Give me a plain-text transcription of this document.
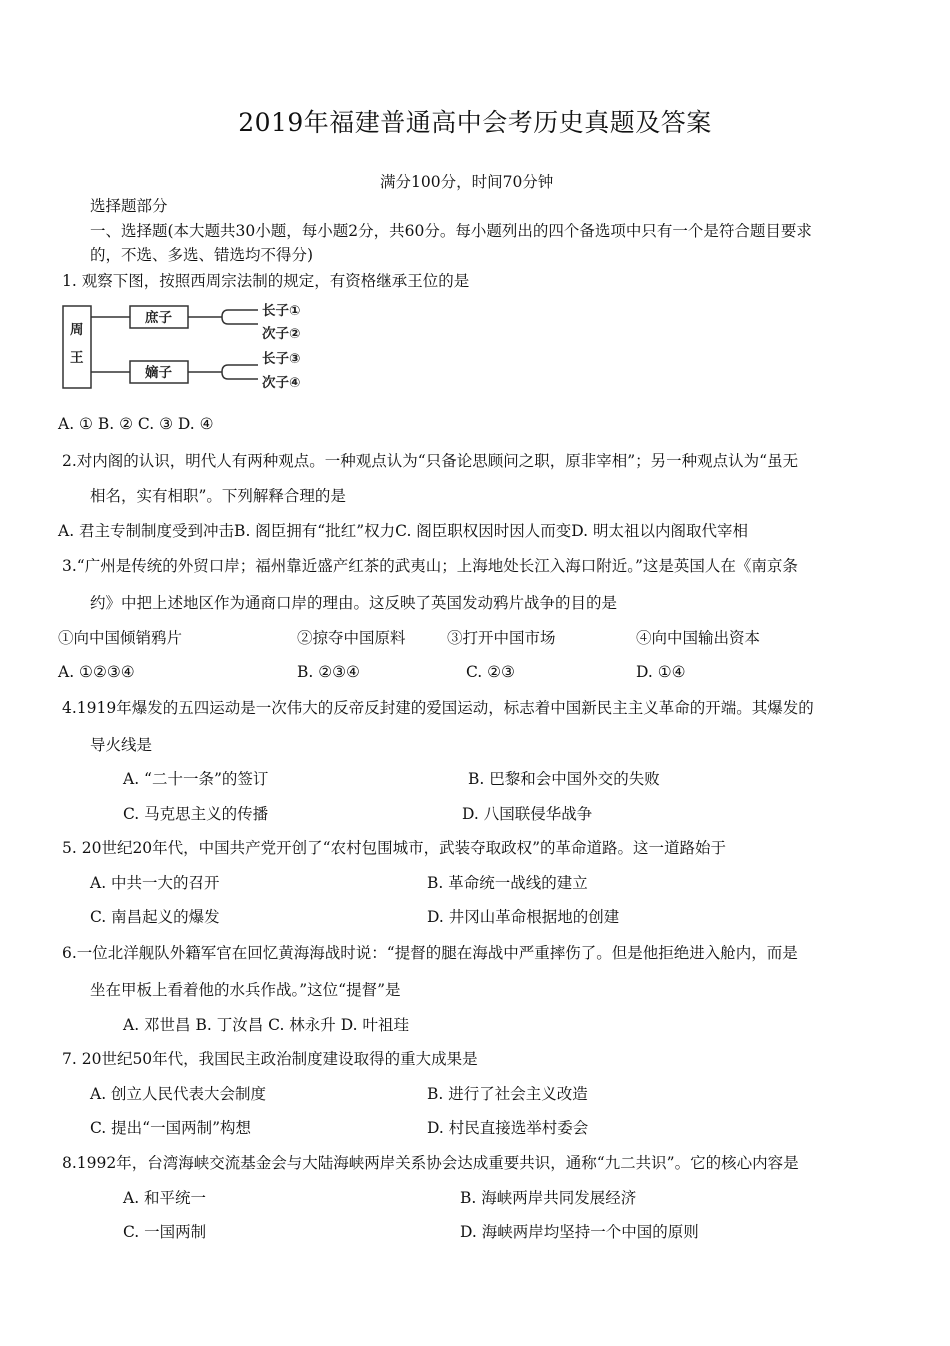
2019年福建普通高中会考历史真题及答案
满分100分，时间70分钟
选择题部分
一、选择题(本大题共30小题，每小题2分，共60分。每小题列出的四个备选项中只有一个是符合题目要求
的，不选、多选、错选均不得分)
1. 观察下图，按照西周宗法制的规定，有资格继承王位的是
周
王
庶子
嫡子
长子①
次子②
长子③
次子④
A. ① B. ② C. ③ D. ④
2.对内阁的认识，明代人有两种观点。一种观点认为“只备论思顾问之职，原非宰相”；另一种观点认为“虽无
相名，实有相职”。下列解释合理的是
A. 君主专制制度受到冲击B. 阁臣拥有“批红”权力C. 阁臣职权因时因人而变D. 明太祖以内阁取代宰相
3.“广州是传统的外贸口岸；福州靠近盛产红茶的武夷山；上海地处长江入海口附近。”这是英国人在《南京条
约》中把上述地区作为通商口岸的理由。这反映了英国发动鸦片战争的目的是
①向中国倾销鸦片	②掠夺中国原料	③打开中国市场	④向中国输出资本
A. ①②③④	B. ②③④	C. ②③	D. ①④
4.1919年爆发的五四运动是一次伟大的反帝反封建的爱国运动，标志着中国新民主主义革命的开端。其爆发的
导火线是
A. “二十一条”的签订	B. 巴黎和会中国外交的失败
C. 马克思主义的传播	D. 八国联侵华战争
5. 20世纪20年代，中国共产党开创了“农村包围城市，武装夺取政权”的革命道路。这一道路始于
A. 中共一大的召开	B. 革命统一战线的建立
C. 南昌起义的爆发	D. 井冈山革命根据地的创建
6.一位北洋舰队外籍军官在回忆黄海海战时说：“提督的腿在海战中严重摔伤了。但是他拒绝进入舱内，而是
坐在甲板上看着他的水兵作战。”这位“提督”是
A. 邓世昌 B. 丁汝昌 C. 林永升 D. 叶祖珪
7. 20世纪50年代，我国民主政治制度建设取得的重大成果是
A. 创立人民代表大会制度	B. 进行了社会主义改造
C. 提出“一国两制”构想	D. 村民直接选举村委会
8.1992年，台湾海峡交流基金会与大陆海峡两岸关系协会达成重要共识，通称“九二共识”。它的核心内容是
A. 和平统一	B. 海峡两岸共同发展经济
C. 一国两制	D. 海峡两岸均坚持一个中国的原则
